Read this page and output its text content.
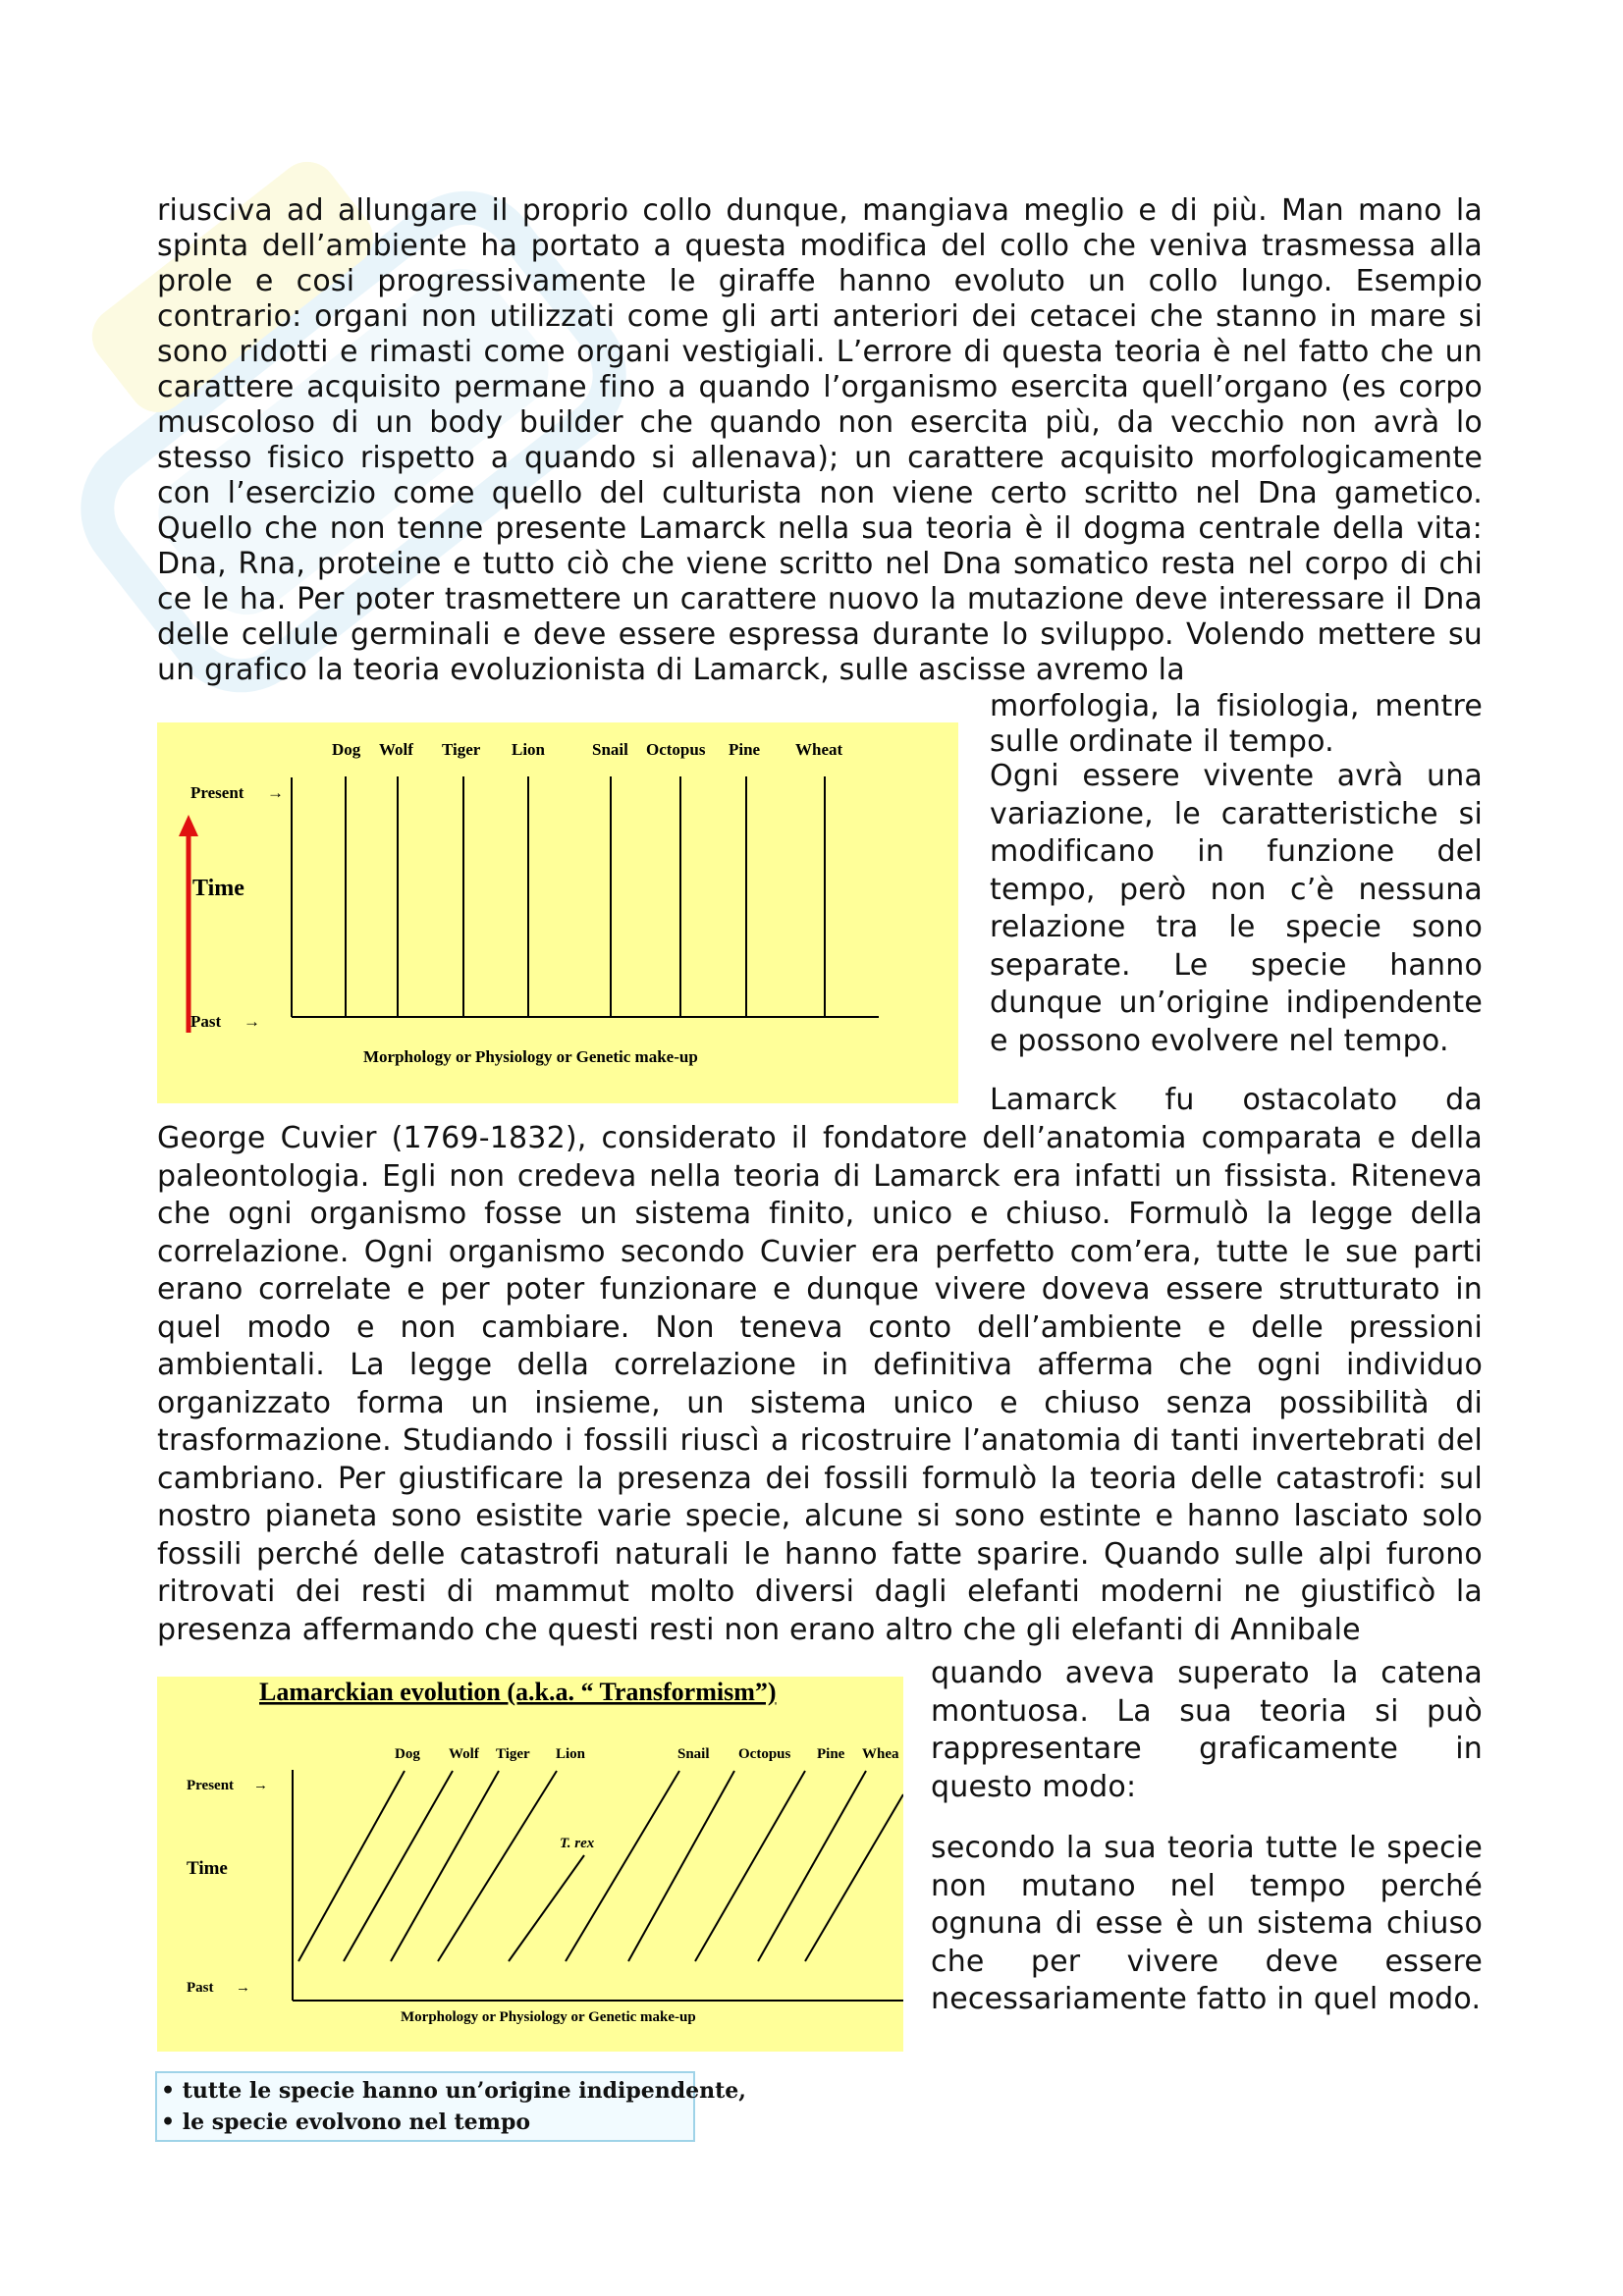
riusciva ad allungare il proprio collo dunque, mangiava meglio e di più. Man mano la spinta dell’ambiente ha portato a questa modifica del collo che veniva trasmessa alla prole e cosi progressivamente le giraffe hanno evoluto un collo lungo. Esempio contrario: organi non utilizzati come gli arti anteriori dei cetacei che stanno in mare si sono ridotti e rimasti come organi vestigiali. L’errore di questa teoria è nel fatto che un carattere acquisito permane fino a quando l’organismo esercita quell’organo (es corpo muscoloso di un body builder che quando non esercita più, da vecchio non avrà lo stesso fisico rispetto a quando si allenava); un carattere acquisito morfologicamente con l’esercizio come quello del culturista non viene certo scritto nel Dna gametico. Quello che non tenne presente Lamarck nella sua teoria è il dogma centrale della vita: Dna, Rna, proteine e tutto ciò che viene scritto nel Dna somatico resta nel corpo di chi ce le ha. Per poter trasmettere un carattere nuovo la mutazione deve interessare il Dna delle cellule germinali e deve essere espressa durante lo sviluppo. Volendo mettere su un grafico la teoria evoluzionista di Lamarck, sulle ascisse avremo la

morfologia, la fisiologia, mentre sulle ordinate il tempo.

Ogni essere vivente avrà una variazione, le caratteristiche si modificano in funzione del tempo, però non c’è nessuna relazione tra le specie sono separate. Le specie hanno dunque un’origine indipendente e possono evolvere nel tempo.

Dog Wolf Tiger Lion	Snail Octopus Pine Wheat
Present →
Past →
Morphology or Physiology or Genetic make-up
Time

Lamarck fu ostacolato da

George Cuvier (1769-1832), considerato il fondatore dell’anatomia comparata e della paleontologia. Egli non credeva nella teoria di Lamarck era infatti un fissista. Riteneva che ogni organismo fosse un sistema finito, unico e chiuso. Formulò la legge della correlazione. Ogni organismo secondo Cuvier era perfetto com’era, tutte le sue parti erano correlate e per poter funzionare e dunque vivere doveva essere strutturato in quel modo e non cambiare. Non teneva conto dell’ambiente e delle pressioni ambientali. La legge della correlazione in definitiva afferma che ogni individuo organizzato forma un insieme, un sistema unico e chiuso senza possibilità di trasformazione. Studiando i fossili riuscì a ricostruire l’anatomia di tanti invertebrati del cambriano. Per giustificare la presenza dei fossili formulò la teoria delle catastrofi: sul nostro pianeta sono esistite varie specie, alcune si sono estinte e hanno lasciato solo fossili perché delle catastrofi naturali le hanno fatte sparire. Quando sulle alpi furono ritrovati dei resti di mammut molto diversi dagli elefanti moderni ne giustificò la presenza affermando che questi resti non erano altro che gli elefanti di Annibale

quando aveva superato la catena montuosa. La sua teoria si può rappresentare graficamente in questo modo:

Lamarckian evolution (a.k.a. “ Transformism”)
Dog Wolf Tiger Lion	Snail Octopus Pine Whea
Present →
Past →
Morphology or Physiology or Genetic make-up
T. rex
Time

secondo la sua teoria tutte le specie non mutano nel tempo perché ognuna di esse è un sistema chiuso che per vivere deve essere necessariamente fatto in quel modo.

• tutte le specie hanno un’origine indipendente,
• le specie evolvono nel tempo
